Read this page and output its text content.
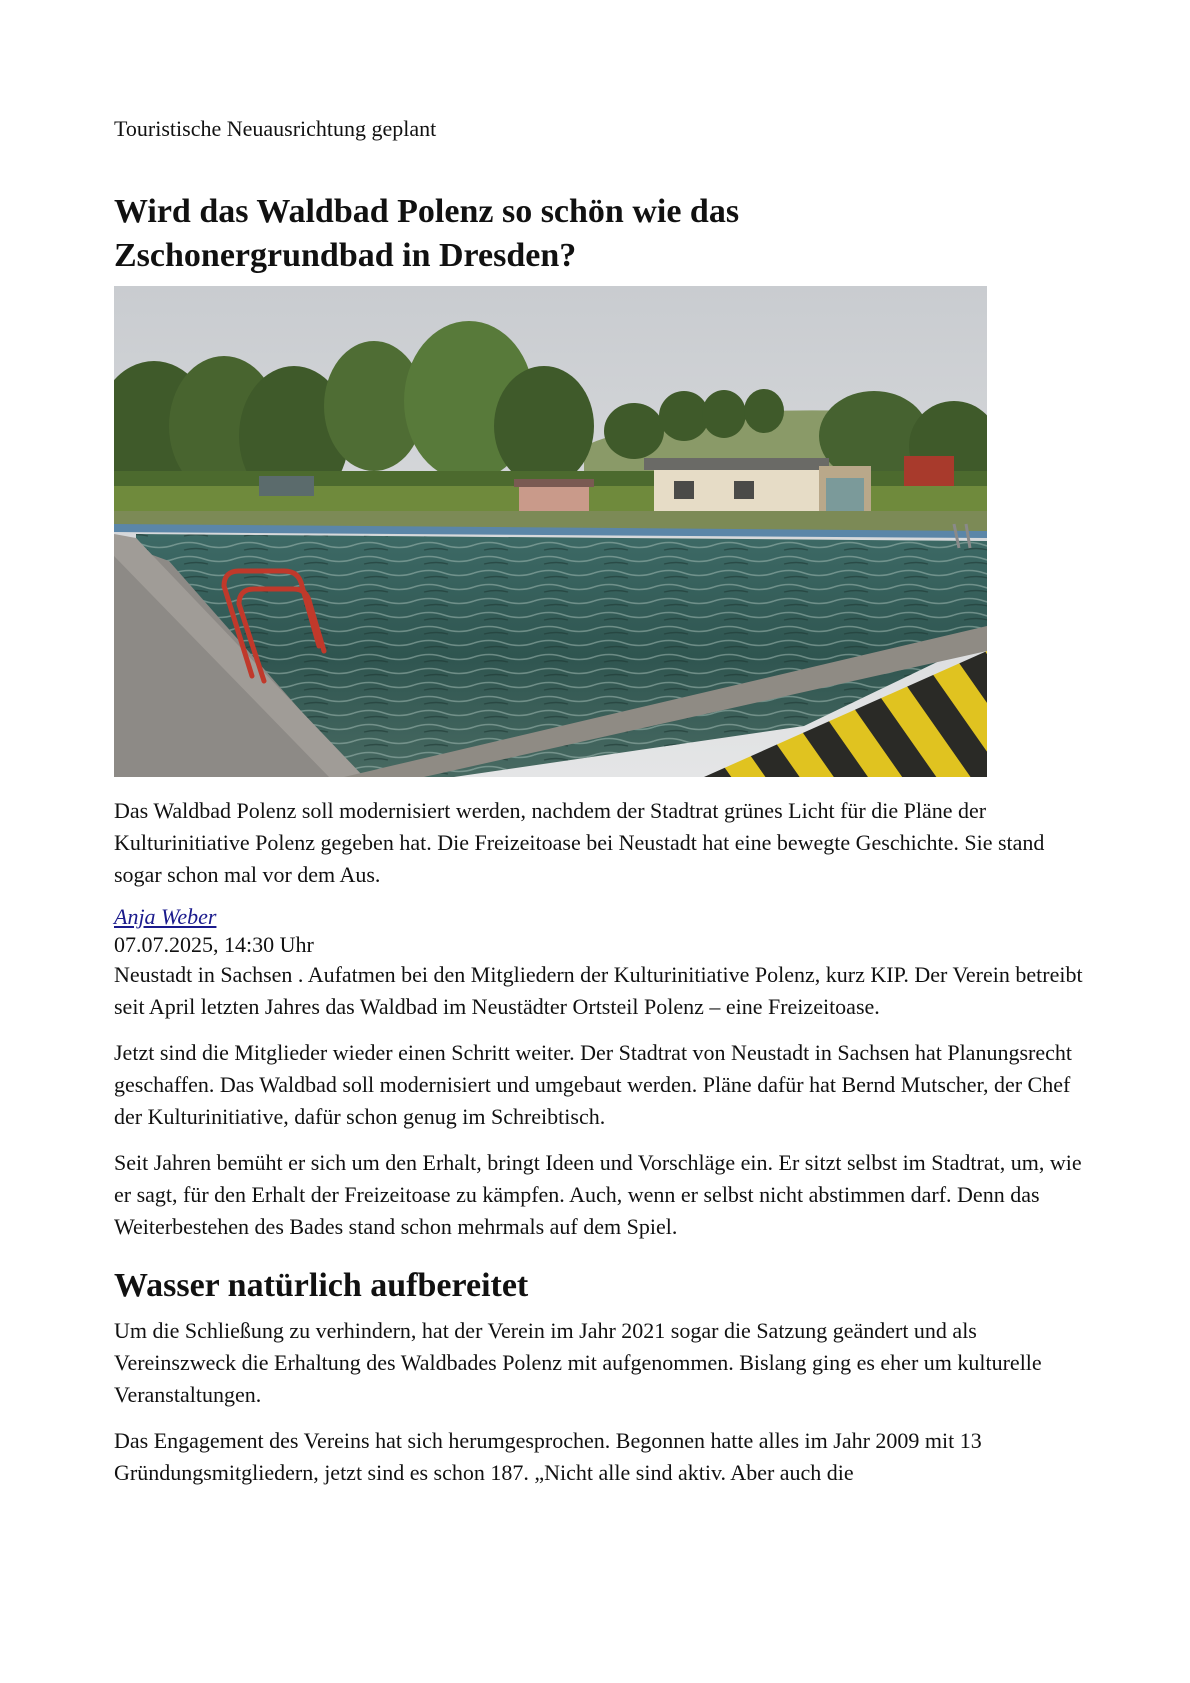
Touristische Neuausrichtung geplant
Wird das Waldbad Polenz so schön wie das Zschonergrundbad in Dresden?

Das Waldbad Polenz soll modernisiert werden, nachdem der Stadtrat grünes Licht für die Pläne der Kulturinitiative Polenz gegeben hat. Die Freizeitoase bei Neustadt hat eine bewegte Geschichte. Sie stand sogar schon mal vor dem Aus.

Anja Weber
07.07.2025, 14:30 Uhr

Neustadt in Sachsen . Aufatmen bei den Mitgliedern der Kulturinitiative Polenz, kurz KIP. Der Verein betreibt seit April letzten Jahres das Waldbad im Neustädter Ortsteil Polenz – eine Freizeitoase.

Jetzt sind die Mitglieder wieder einen Schritt weiter. Der Stadtrat von Neustadt in Sachsen hat Planungsrecht geschaffen. Das Waldbad soll modernisiert und umgebaut werden. Pläne dafür hat Bernd Mutscher, der Chef der Kulturinitiative, dafür schon genug im Schreibtisch.

Seit Jahren bemüht er sich um den Erhalt, bringt Ideen und Vorschläge ein. Er sitzt selbst im Stadtrat, um, wie er sagt, für den Erhalt der Freizeitoase zu kämpfen. Auch, wenn er selbst nicht abstimmen darf. Denn das Weiterbestehen des Bades stand schon mehrmals auf dem Spiel.

Wasser natürlich aufbereitet

Um die Schließung zu verhindern, hat der Verein im Jahr 2021 sogar die Satzung geändert und als Vereinszweck die Erhaltung des Waldbades Polenz mit aufgenommen. Bislang ging es eher um kulturelle Veranstaltungen.

Das Engagement des Vereins hat sich herumgesprochen. Begonnen hatte alles im Jahr 2009 mit 13 Gründungsmitgliedern, jetzt sind es schon 187. „Nicht alle sind aktiv. Aber auch die
